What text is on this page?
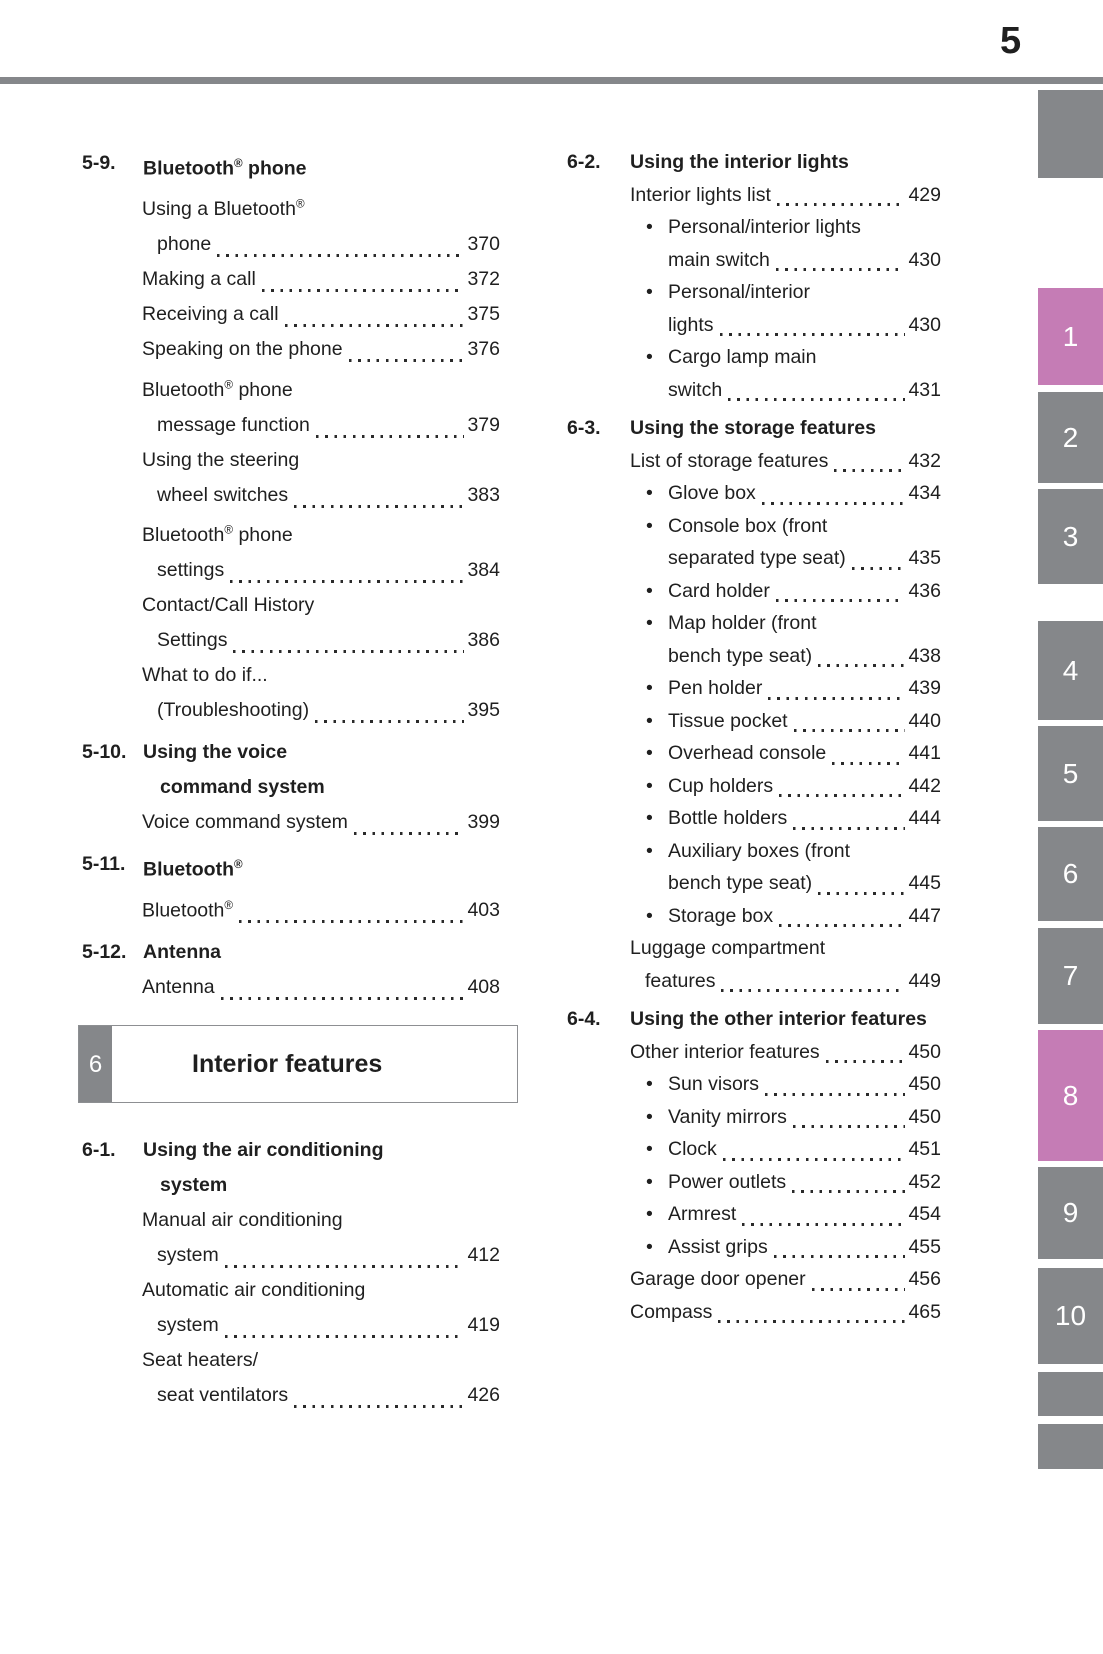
5
5-9.	Bluetooth® phone
Using a Bluetooth®
phone	370
Making a call	372
Receiving a call	375
Speaking on the phone	376
Bluetooth® phone
message function	379
Using the steering
wheel switches	383
Bluetooth® phone
settings	384
Contact/Call History
Settings	386
What to do if...
(Troubleshooting)	395
5-10. Using the voice
command system
Voice command system	399
5-11. Bluetooth®
Bluetooth®	403
5-12. Antenna
Antenna	408
6	Interior features
6-1.	Using the air conditioning
system
Manual air conditioning
system	412
Automatic air conditioning
system	419
Seat heaters/
seat ventilators	426
6-2.	Using the interior lights
Interior lights list	429
• Personal/interior lights
main switch	430
• Personal/interior
lights	430
• Cargo lamp main
switch	431
6-3.	Using the storage features
List of storage features	432
• Glove box	434
• Console box (front
separated type seat)	435
• Card holder	436
• Map holder (front
bench type seat)	438
• Pen holder	439
• Tissue pocket	440
• Overhead console	441
• Cup holders	442
• Bottle holders	444
• Auxiliary boxes (front
bench type seat)	445
• Storage box	447
Luggage compartment
features	449
6-4.	Using the other interior features
Other interior features	450
• Sun visors	450
• Vanity mirrors	450
• Clock	451
• Power outlets	452
• Armrest	454
• Assist grips	455
Garage door opener	456
Compass	465
1
2
3
4
5
6
7
8
9
10
